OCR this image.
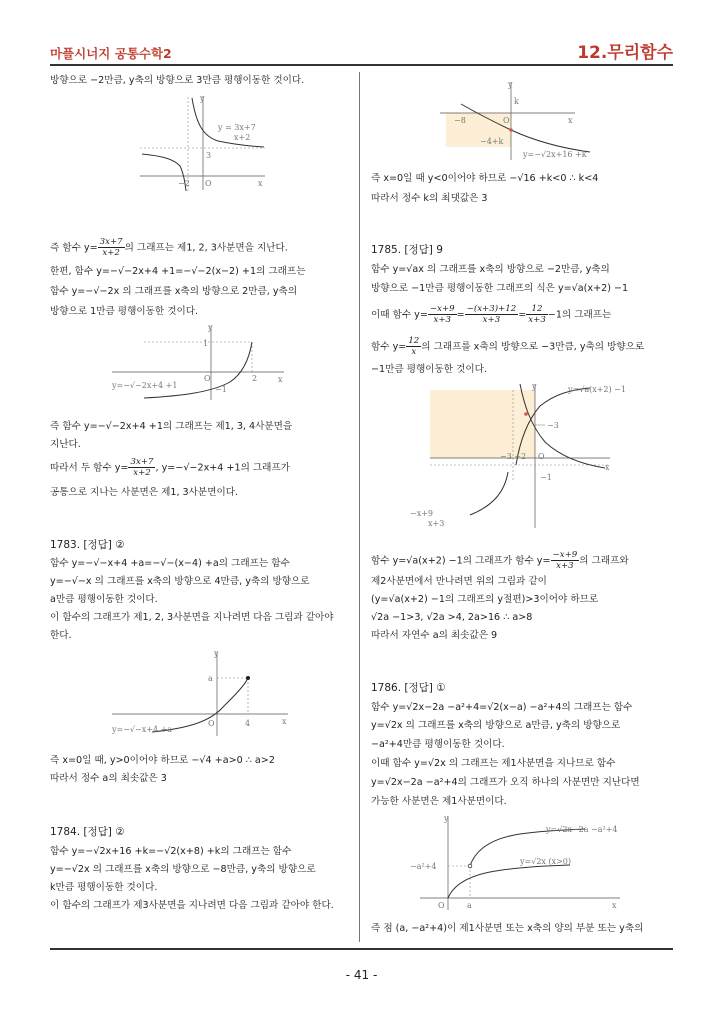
마플시너지 공통수학2	12.무리함수
- 41 -
방향으로 −2만큼, y축의 방향으로 3만큼 평행이동한 것이다.
y
x
O
−2
3
y = 3x+7
x+2
즉 함수 $y= \frac{3x+7}{x+2}$ 의 그래프는 제1, 2, 3사분면을 지난다.
한편, 함수 y=−√−2x+4 +1=−√−2(x−2) +1의 그래프는
함수 y=−√−2x 의 그래프를 x축의 방향으로 2만큼, y축의
방향으로 1만큼 평행이동한 것이다.
y
x
O
1
2
−1
y=−√−2x+4 +1
즉 함수 y=−√−2x+4 +1의 그래프는 제1, 3, 4사분면을
지난다.
따라서 두 함수 $y= \frac{3x+7}{x+2}$ , y=−√−2x+4 +1의 그래프가
공통으로 지나는 사분면은 제1, 3사분면이다.
1783. [정답] ②
함수 y=−√−x+4 +a=−√−(x−4) +a의 그래프는 함수
y=−√−x 의 그래프를 x축의 방향으로 4만큼, y축의 방향으로
a만큼 평행이동한 것이다.
이 함수의 그래프가 제1, 2, 3사분면을 지나려면 다음 그림과 같아야
한다.
y
x
O
a
4
y=−√−x+4 +a
즉 x=0일 때, y>0이어야 하므로 −√4 +a>0 ∴ a>2
따라서 정수 a의 최솟값은 3
1784. [정답] ②
함수 y=−√2x+16 +k=−√2(x+8) +k의 그래프는 함수
y=−√2x 의 그래프를 x축의 방향으로 −8만큼, y축의 방향으로
k만큼 평행이동한 것이다.
이 함수의 그래프가 제3사분면을 지나려면 다음 그림과 같아야 한다.
y
x
O
k
−8
−4+k
y=−√2x+16 +k
즉 x=0일 때 y<0이어야 하므로 −√16 +k<0 ∴ k<4
따라서 정수 k의 최댓값은 3
1785. [정답] 9
함수 y=√ax 의 그래프를 x축의 방향으로 −2만큼, y축의
방향으로 −1만큼 평행이동한 그래프의 식은 y=√a(x+2) −1
이때 함수 $y= \frac{-x+9}{x+3} = \frac{-(x+3)+12}{x+3} = \frac{12}{x+3} -1$의 그래프는
함수 $y= \frac{12}{x}$ 의 그래프를 x축의 방향으로 −3만큼, y축의 방향으로
−1만큼 평행이동한 것이다.
y
x
O
−3
−3 −2
−1
y=√a(x+2) −1
−x+9
x+3
함수 y=√a(x+2) −1의 그래프가 함수 $y= \frac{-x+9}{x+3}$ 의 그래프와
제2사분면에서 만나려면 위의 그림과 같이
(y=√a(x+2) −1의 그래프의 y절편)>3이어야 하므로
√2a −1>3, √2a >4, 2a>16 ∴ a>8
따라서 자연수 a의 최솟값은 9
1786. [정답] ①
함수 y=√2x−2a −a²+4=√2(x−a) −a²+4의 그래프는 함수
y=√2x 의 그래프를 x축의 방향으로 a만큼, y축의 방향으로
−a²+4만큼 평행이동한 것이다.
이때 함수 y=√2x 의 그래프는 제1사분면을 지나므로 함수
y=√2x−2a −a²+4의 그래프가 오직 하나의 사분면만 지난다면
가능한 사분면은 제1사분면이다.
y
x
O	a
−a²+4
y=√2x−2a −a²+4
y=√2x (x>0)
즉 점 (a, −a²+4)이 제1사분면 또는 x축의 양의 부분 또는 y축의
